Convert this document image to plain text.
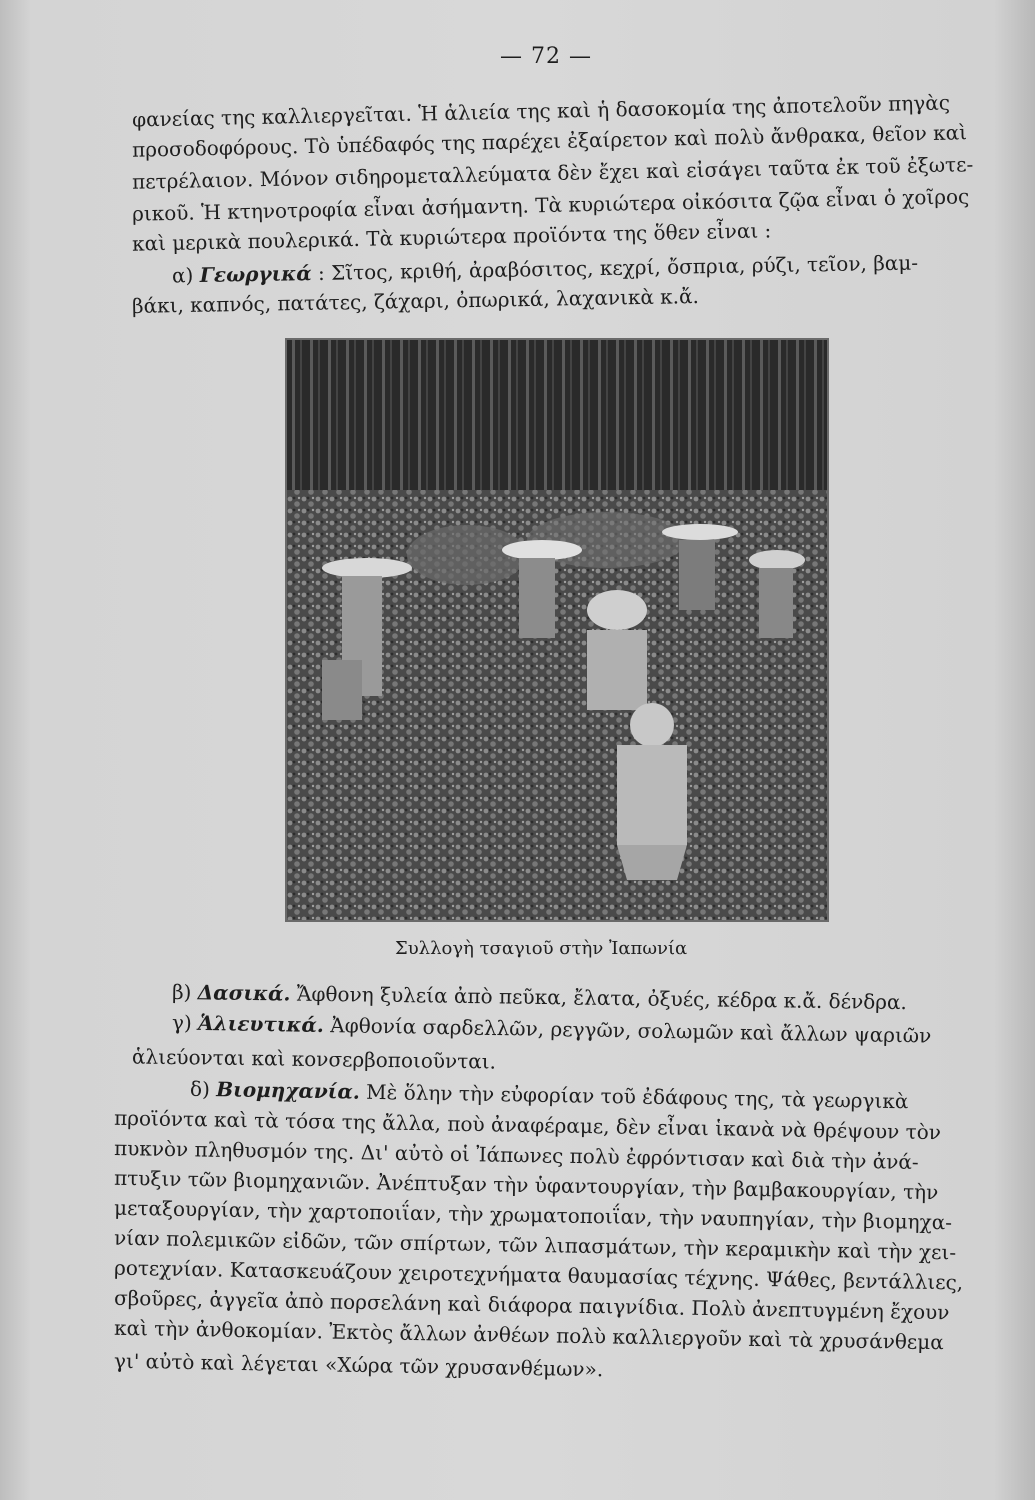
— 72 —
φανείας της καλλιεργεῖται. Ἡ ἁλιεία της καὶ ἡ δασοκομία της ἀποτελοῦν πηγὰς
προσοδοφόρους. Τὸ ὑπέδαφός της παρέχει ἐξαίρετον καὶ πολὺ ἄνθρακα, θεῖον καὶ
πετρέλαιον. Μόνον σιδηρομεταλλεύματα δὲν ἔχει καὶ εἰσάγει ταῦτα ἐκ τοῦ ἐξωτε-
ρικοῦ. Ἡ κτηνοτροφία εἶναι ἀσήμαντη. Τὰ κυριώτερα οἰκόσιτα ζῷα εἶναι ὁ χοῖρος
καὶ μερικὰ πουλερικά. Τὰ κυριώτερα προϊόντα της ὅθεν εἶναι :
α) Γεωργικά : Σῖτος, κριθή, ἀραβόσιτος, κεχρί, ὄσπρια, ρύζι, τεῖον, βαμ-
βάκι, καπνός, πατάτες, ζάχαρι, ὀπωρικά, λαχανικὰ κ.ἄ.
Συλλογὴ τσαγιοῦ στὴν Ἰαπωνία
β) Δασικά. Ἄφθονη ξυλεία ἀπὸ πεῦκα, ἔλατα, ὀξυές, κέδρα κ.ἄ. δένδρα.
γ) Ἁλιευτικά. Ἀφθονία σαρδελλῶν, ρεγγῶν, σολωμῶν καὶ ἄλλων ψαριῶν
ἁλιεύονται καὶ κονσερβοποιοῦνται.
δ) Βιομηχανία. Μὲ ὅλην τὴν εὐφορίαν τοῦ ἐδάφους της, τὰ γεωργικὰ
προϊόντα καὶ τὰ τόσα της ἄλλα, ποὺ ἀναφέραμε, δὲν εἶναι ἱκανὰ νὰ θρέψουν τὸν
πυκνὸν πληθυσμόν της. Δι' αὐτὸ οἱ Ἰάπωνες πολὺ ἐφρόντισαν καὶ διὰ τὴν ἀνά-
πτυξιν τῶν βιομηχανιῶν. Ἀνέπτυξαν τὴν ὑφαντουργίαν, τὴν βαμβακουργίαν, τὴν
μεταξουργίαν, τὴν χαρτοποιΐαν, τὴν χρωματοποιΐαν, τὴν ναυπηγίαν, τὴν βιομηχα-
νίαν πολεμικῶν εἰδῶν, τῶν σπίρτων, τῶν λιπασμάτων, τὴν κεραμικὴν καὶ τὴν χει-
ροτεχνίαν. Κατασκευάζουν χειροτεχνήματα θαυμασίας τέχνης. Ψάθες, βεντάλλιες,
σβοῦρες, ἀγγεῖα ἀπὸ πορσελάνη καὶ διάφορα παιγνίδια. Πολὺ ἀνεπτυγμένη ἔχουν
καὶ τὴν ἀνθοκομίαν. Ἐκτὸς ἄλλων ἀνθέων πολὺ καλλιεργοῦν καὶ τὰ χρυσάνθεμα
γι' αὐτὸ καὶ λέγεται «Χώρα τῶν χρυσανθέμων».
